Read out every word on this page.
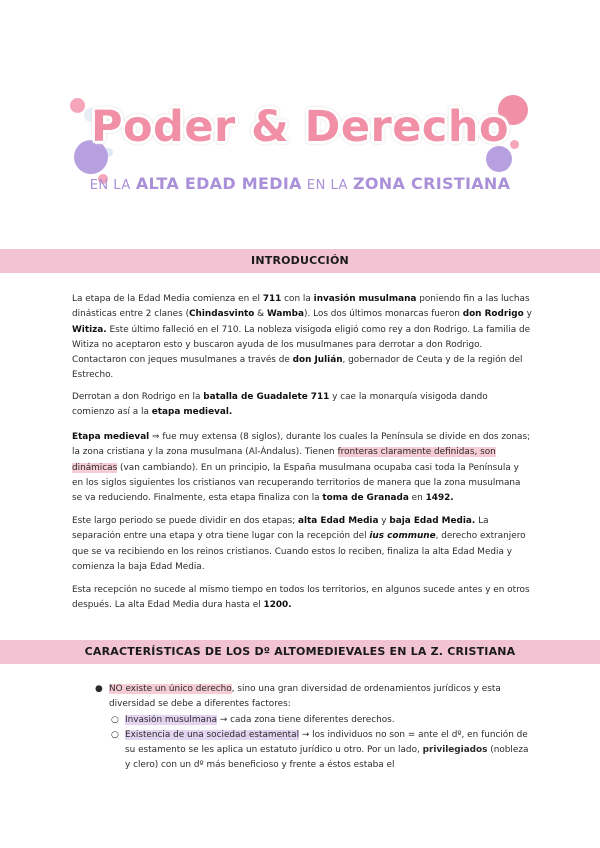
Poder & Derecho
EN LA ALTA EDAD MEDIA EN LA ZONA CRISTIANA
INTRODUCCIÓN
La etapa de la Edad Media comienza en el 711 con la invasión musulmana poniendo fin a las luchas dinásticas entre 2 clanes (Chindasvinto & Wamba). Los dos últimos monarcas fueron don Rodrigo y Witiza. Este último falleció en el 710. La nobleza visigoda eligió como rey a don Rodrigo. La familia de Witiza no aceptaron esto y buscaron ayuda de los musulmanes para derrotar a don Rodrigo. Contactaron con jeques musulmanes a través de don Julián, gobernador de Ceuta y de la región del Estrecho.
Derrotan a don Rodrigo en la batalla de Guadalete 711 y cae la monarquía visigoda dando comienzo así a la etapa medieval.
Etapa medieval ⇒ fue muy extensa (8 siglos), durante los cuales la Península se divide en dos zonas; la zona cristiana y la zona musulmana (Al-Ándalus). Tienen fronteras claramente definidas, son dinámicas (van cambiando). En un principio, la España musulmana ocupaba casi toda la Península y en los siglos siguientes los cristianos van recuperando territorios de manera que la zona musulmana se va reduciendo. Finalmente, esta etapa finaliza con la toma de Granada en 1492.
Este largo periodo se puede dividir en dos etapas; alta Edad Media y baja Edad Media. La separación entre una etapa y otra tiene lugar con la recepción del ius commune, derecho extranjero que se va recibiendo en los reinos cristianos. Cuando estos lo reciben, finaliza la alta Edad Media y comienza la baja Edad Media.
Esta recepción no sucede al mismo tiempo en todos los territorios, en algunos sucede antes y en otros después. La alta Edad Media dura hasta el 1200.
CARACTERÍSTICAS DE LOS Dº ALTOMEDIEVALES EN LA Z. CRISTIANA
● NO existe un único derecho, sino una gran diversidad de ordenamientos jurídicos y esta diversidad se debe a diferentes factores:
○ Invasión musulmana → cada zona tiene diferentes derechos.
○ Existencia de una sociedad estamental → los individuos no son = ante el dº, en función de su estamento se les aplica un estatuto jurídico u otro. Por un lado, privilegiados (nobleza y clero) con un dº más beneficioso y frente a éstos estaba el
